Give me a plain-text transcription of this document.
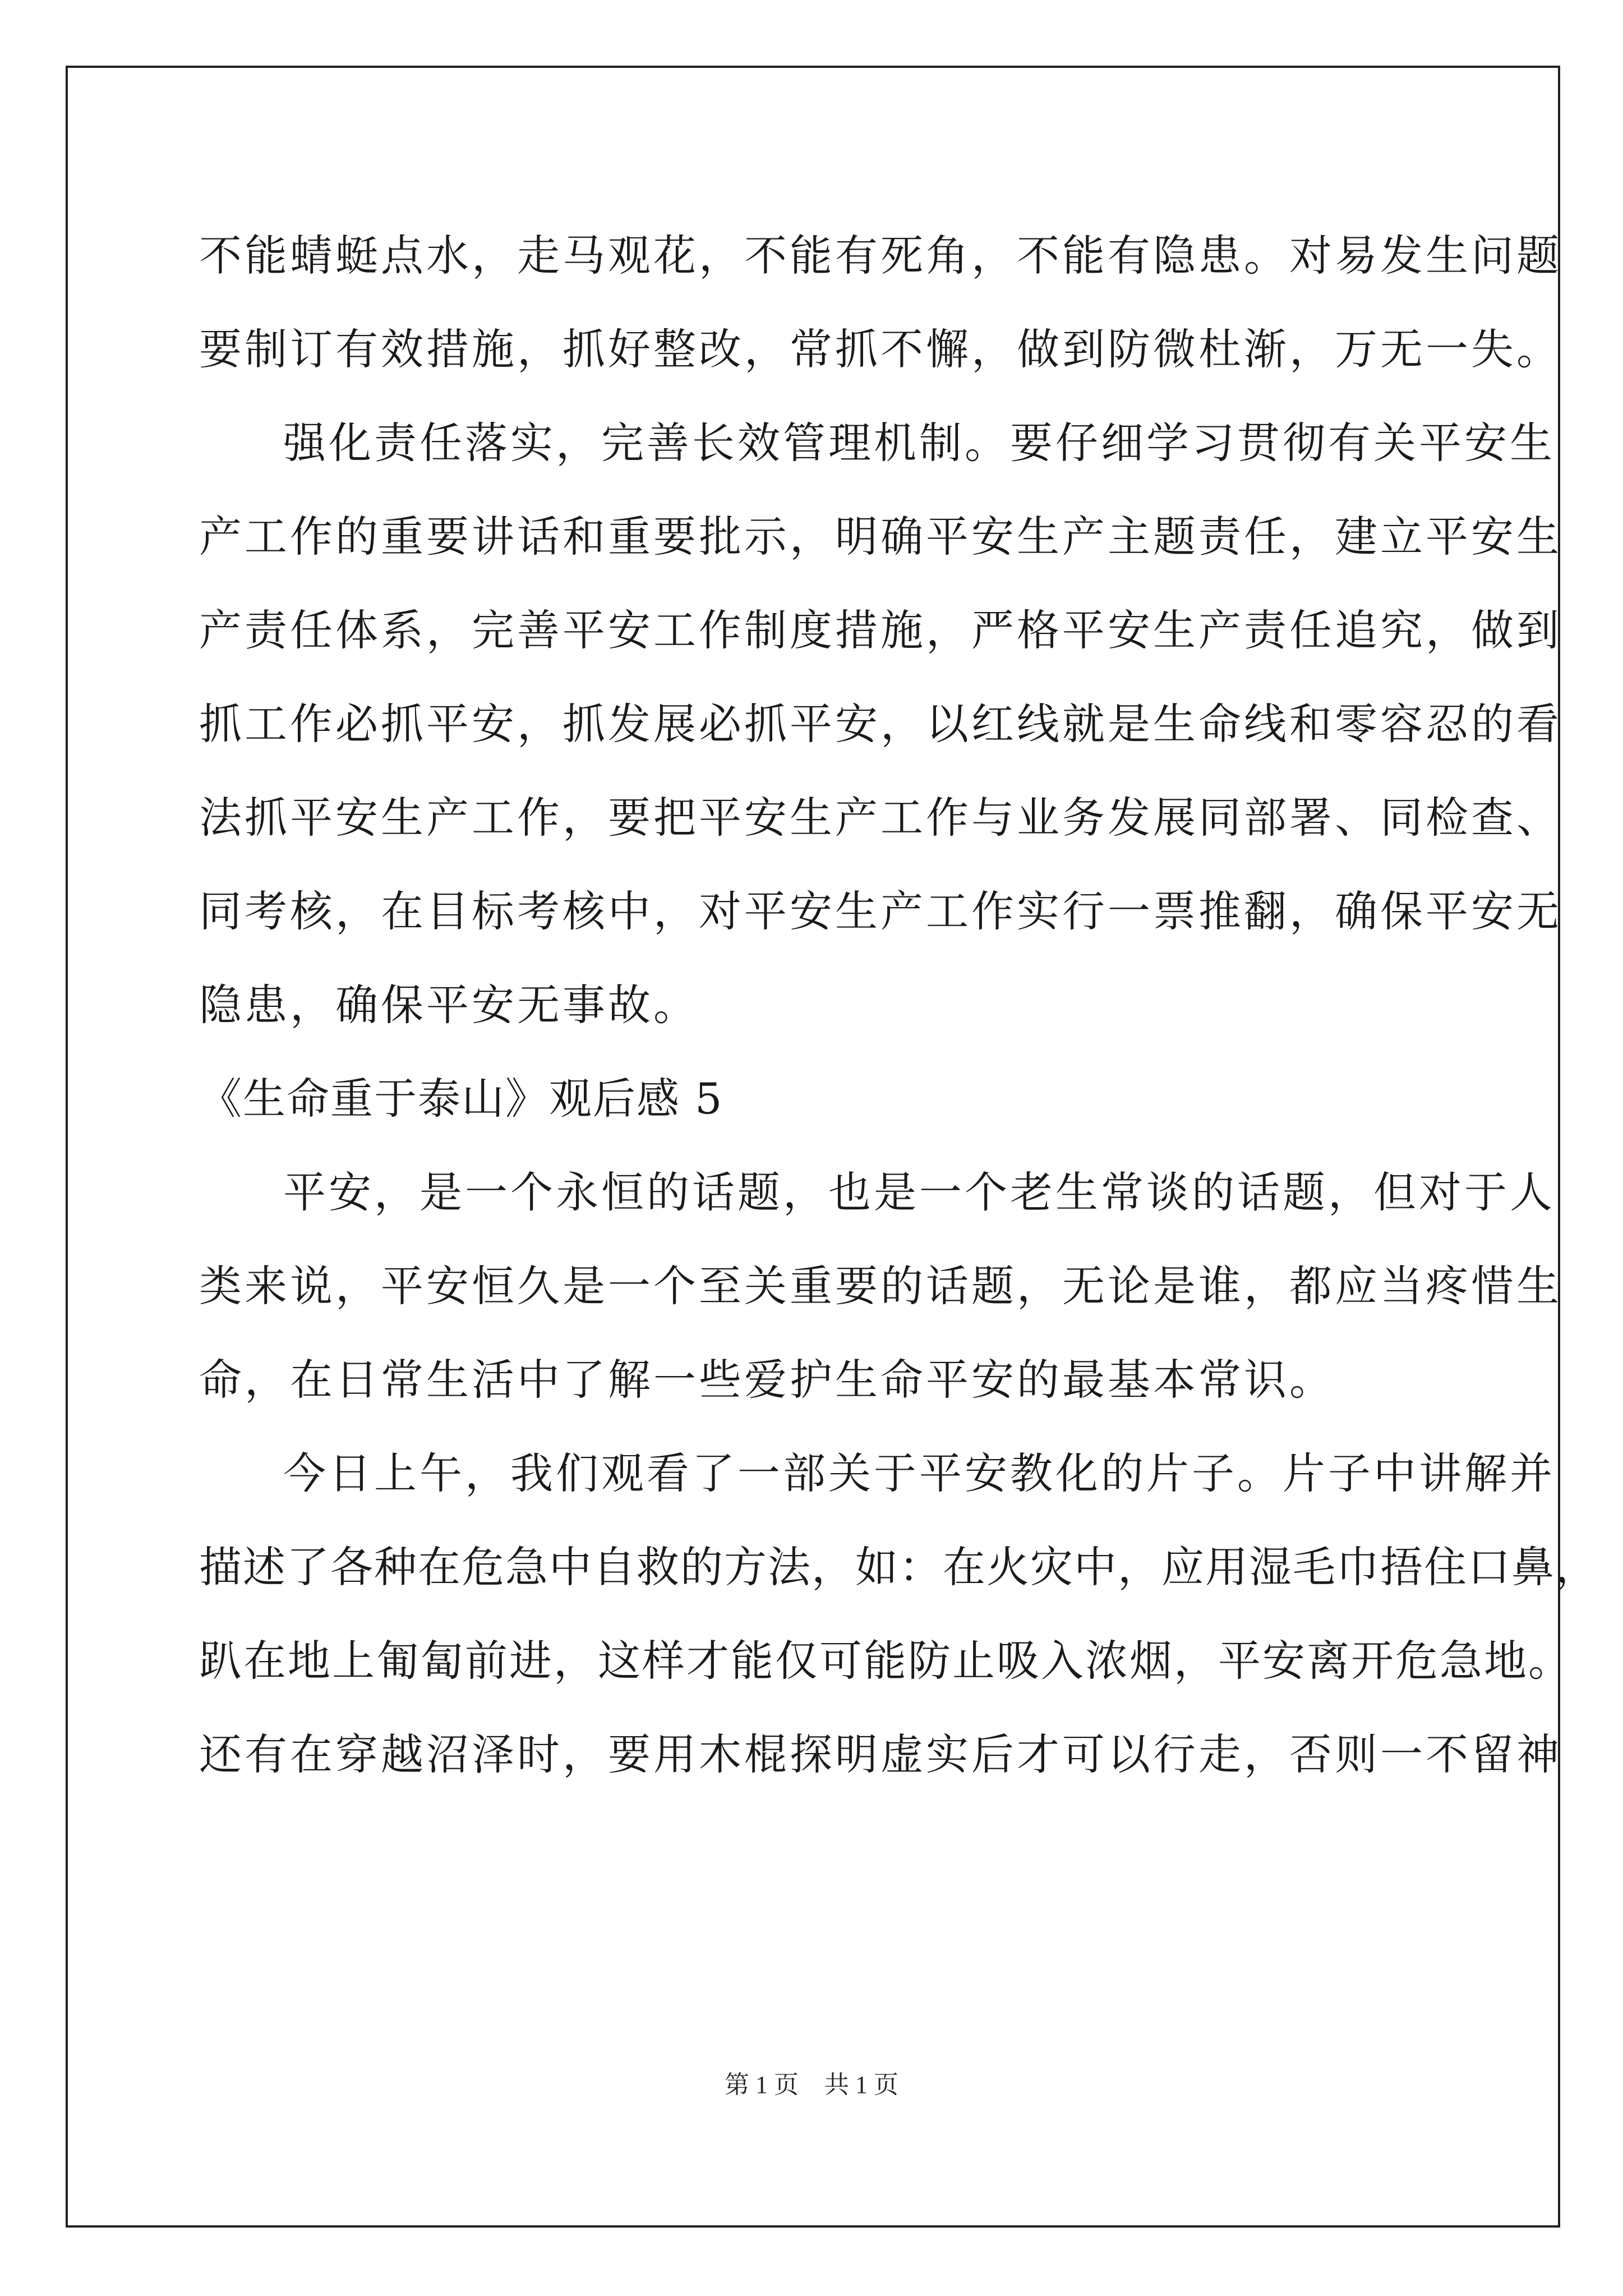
不能蜻蜓点水，走马观花，不能有死角，不能有隐患。对易发生问题
要制订有效措施，抓好整改，常抓不懈，做到防微杜渐，万无一失。
强化责任落实，完善长效管理机制。要仔细学习贯彻有关平安生
产工作的重要讲话和重要批示，明确平安生产主题责任，建立平安生
产责任体系，完善平安工作制度措施，严格平安生产责任追究，做到
抓工作必抓平安，抓发展必抓平安，以红线就是生命线和零容忍的看
法抓平安生产工作，要把平安生产工作与业务发展同部署、同检查、
同考核，在目标考核中，对平安生产工作实行一票推翻，确保平安无
隐患，确保平安无事故。
《生命重于泰山》观后感 5
平安，是一个永恒的话题，也是一个老生常谈的话题，但对于人
类来说，平安恒久是一个至关重要的话题，无论是谁，都应当疼惜生
命，在日常生活中了解一些爱护生命平安的最基本常识。
今日上午，我们观看了一部关于平安教化的片子。片子中讲解并
描述了各种在危急中自救的方法，如：在火灾中，应用湿毛巾捂住口鼻，
趴在地上匍匐前进，这样才能仅可能防止吸入浓烟，平安离开危急地。
还有在穿越沼泽时，要用木棍探明虚实后才可以行走，否则一不留神
第 1 页 共 1 页
